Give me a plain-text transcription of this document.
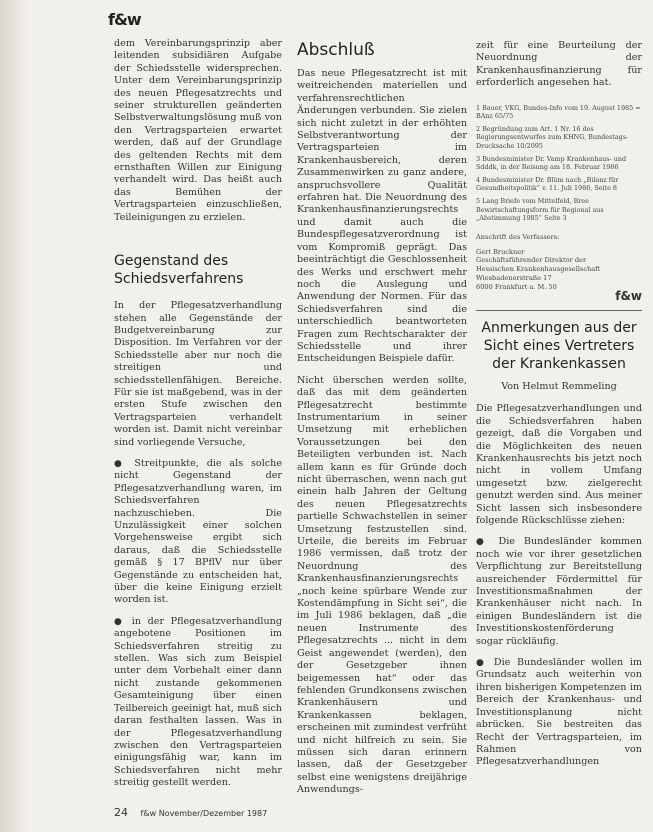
f&w

dem Vereinbarungsprinzip aber leitenden subsidiären Aufgabe der Schiedsstelle widersprechen. Unter dem Vereinbarungsprinzip des neuen Pflegesatzrechts und seiner strukturellen geänderten Selbstverwaltungslösung muß von den Vertragsparteien erwartet werden, daß auf der Grundlage des geltenden Rechts mit dem ernsthaften Willen zur Einigung verhandelt wird. Das heißt auch das Bemühen der Vertragsparteien einzuschließen, Teileinigungen zu erzielen.

Gegenstand des Schiedsverfahrens

In der Pflegesatzverhandlung stehen alle Gegenstände der Budgetvereinbarung zur Disposition. Im Verfahren vor der Schiedsstelle aber nur noch die streitigen und schiedsstellenfähigen. Bereiche. Für sie ist maßgebend, was in der ersten Stufe zwischen den Vertragsparteien verhandelt worden ist. Damit nicht vereinbar sind vorliegende Versuche,

● Streitpunkte, die als solche nicht Gegenstand der Pflegesatzverhandlung waren, im Schiedsverfahren nachzuschieben. Die Unzulässigkeit einer solchen Vorgehensweise ergibt sich daraus, daß die Schiedsstelle gemäß § 17 BPflV nur über Gegenstände zu entscheiden hat, über die keine Einigung erzielt worden ist.

● in der Pflegesatzverhandlung angebotene Positionen im Schiedsverfahren streitig zu stellen. Was sich zum Beispiel unter dem Vorbehalt einer dann nicht zustande gekommenen Gesamteinigung über einen Teilbereich geeinigt hat, muß sich daran festhalten lassen. Was in der Pflegesatzverhandlung zwischen den Vertragsparteien einigungsfähig war, kann im Schiedsverfahren nicht mehr streitig gestellt werden.

Abschluß

Das neue Pflegesatzrecht ist mit weitreichenden materiellen und verfahrensrechtlichen Änderungen verbunden. Sie zielen sich nicht zuletzt in der erhöhten Selbstverantwortung der Vertragsparteien im Krankenhausbereich, deren Zusammenwirken zu ganz andere, anspruchsvollere Qualität erfahren hat. Die Neuordnung des Krankenhausfinanzierungsrechts und damit auch die Bundespflegesatzverordnung ist vom Kompromiß geprägt. Das beeinträchtigt die Geschlossenheit des Werks und erschwert mehr noch die Auslegung und Anwendung der Normen. Für das Schiedsverfahren sind die unterschiedlich beantworteten Fragen zum Rechtscharakter der Schiedsstelle und ihrer Entscheidungen Beispiele dafür.

Nicht überschen werden sollte, daß das mit dem geänderten Pflegesatzrecht bestimmte Instrumentarium in seiner Umsetzung mit erheblichen Voraussetzungen bei den Beteiligten verbunden ist. Nach allem kann es für Gründe doch nicht überraschen, wenn nach gut einein halb Jahren der Geltung des neuen Pflegesatzrechts partielle Schwachstellen in seiner Umsetzung festzustellen sind. Urteile, die bereits im Februar 1986 vermissen, daß trotz der Neuordnung des Krankenhausfinanzierungsrechts „noch keine spürbare Wende zur Kostendämpfung in Sicht sei“, die im Juli 1986 beklagen, daß „die neuen Instrumente des Pflegesatzrechts ... nicht in dem Geist angewendet (werden), den der Gesetzgeber ihnen beigemessen hat“ oder das fehlenden Grundkonsens zwischen Krankenhäusern und Krankenkassen beklagen, erscheinen mit zumindest verfrüht und nicht hilfreich zu sein. Sie müssen sich daran erinnern lassen, daß der Gesetzgeber selbst eine wenigstens dreijährige Anwendungs-

zeit für eine Beurteilung der Neuordnung der Krankenhausfinanzierung für erforderlich angesehen hat.

1 Bauer, VKG, Bundes-Info vom 19. August 1985 = BAnz 65/75
2 Begründung zum Art. 1 Nr. 16 des Regierungsentwurfes zum KHNG, Bundestags-Drucksache 10/2095
3 Bundesminister Dr. Vamp Krankenhaus- und Sdddk, in der Reisung am 18. Februar 1986
4 Bundesminister Dr. Blüm nach „Bilanz für Gesundheitspolitik“ v. 11. Juli 1986, Seite 8
5 Lang Briefe vom Mittelfeld, Bree Bewirtschaftungsform für Regional aus „Abstimmung 1985“ Seite 3
Anschrift des Verfassers:
Gert Bruckner
Geschäftsführender Direktor der
Hessischen Krankenhausgesellschaft
Wiesbadenerstraße 17
6000 Frankfurt a. M. 50
f&w
Anmerkungen aus der Sicht eines Vertreters der Krankenkassen
Von Helmut Remmeling

Die Pflegesatzverhandlungen und die Schiedsverfahren haben gezeigt, daß die Vorgaben und die Möglichkeiten des neuen Krankenhausrechts bis jetzt noch nicht in vollem Umfang umgesetzt bzw. zielgerecht genutzt werden sind. Aus meiner Sicht lassen sich insbesondere folgende Rückschlüsse ziehen:

● Die Bundesländer kommen noch wie vor ihrer gesetzlichen Verpflichtung zur Bereitstellung ausreichender Fördermittel für Investitionsmaßnahmen der Krankenhäuser nicht nach. In einigen Bundesländern ist die Investitionskostenförderung sogar rückläufig.

● Die Bundesländer wollen im Grundsatz auch weiterhin von ihren bisherigen Kompetenzen im Bereich der Krankenhaus- und Investitionsplanung nicht abrücken. Sie bestreiten das Recht der Vertragsparteien, im Rahmen von Pflegesatzverhandlungen

24 f&w November/Dezember 1987
